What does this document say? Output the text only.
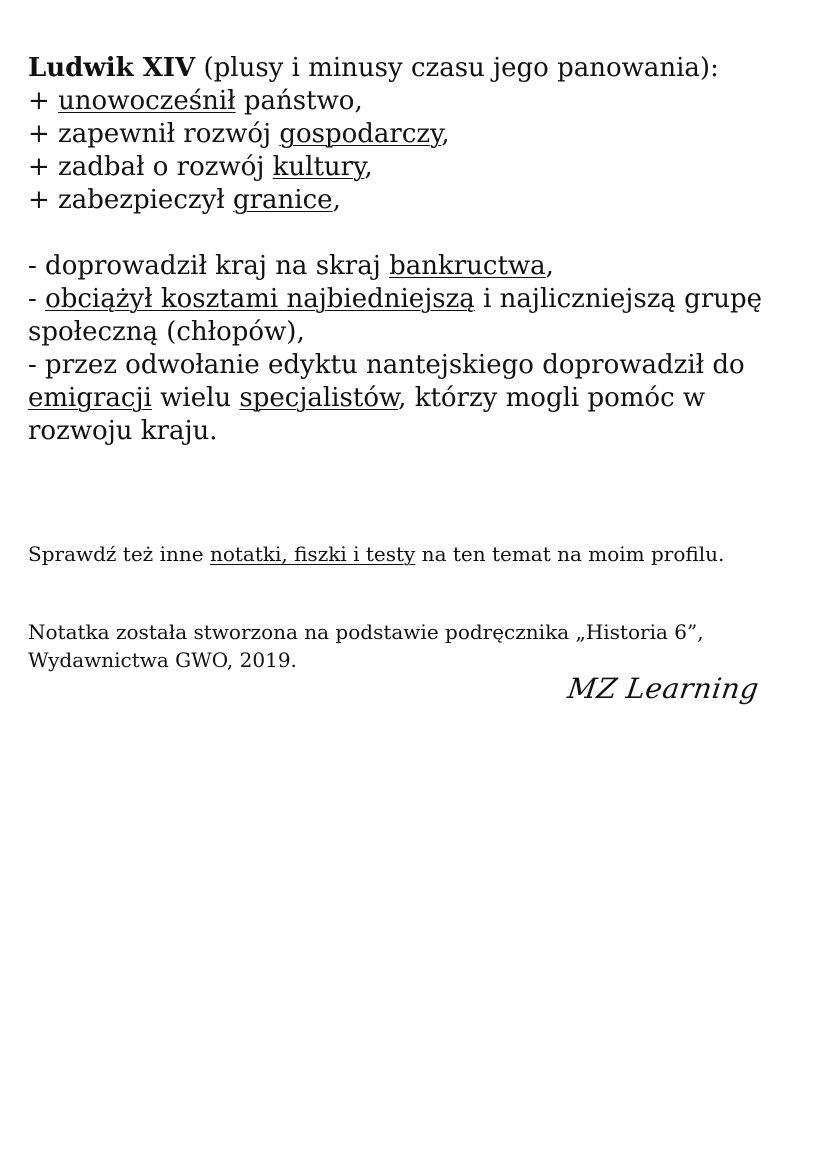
Ludwik XIV (plusy i minusy czasu jego panowania):
+ unowocześnił państwo,
+ zapewnił rozwój gospodarczy,
+ zadbał o rozwój kultury,
+ zabezpieczył granice,
- doprowadził kraj na skraj bankructwa,
- obciążył kosztami najbiedniejszą i najliczniejszą grupę społeczną (chłopów),
- przez odwołanie edyktu nantejskiego doprowadził do emigracji wielu specjalistów, którzy mogli pomóc w rozwoju kraju.
Sprawdź też inne notatki, fiszki i testy na ten temat na moim profilu.
Notatka została stworzona na podstawie podręcznika „Historia 6”, Wydawnictwa GWO, 2019.
MZ Learning
